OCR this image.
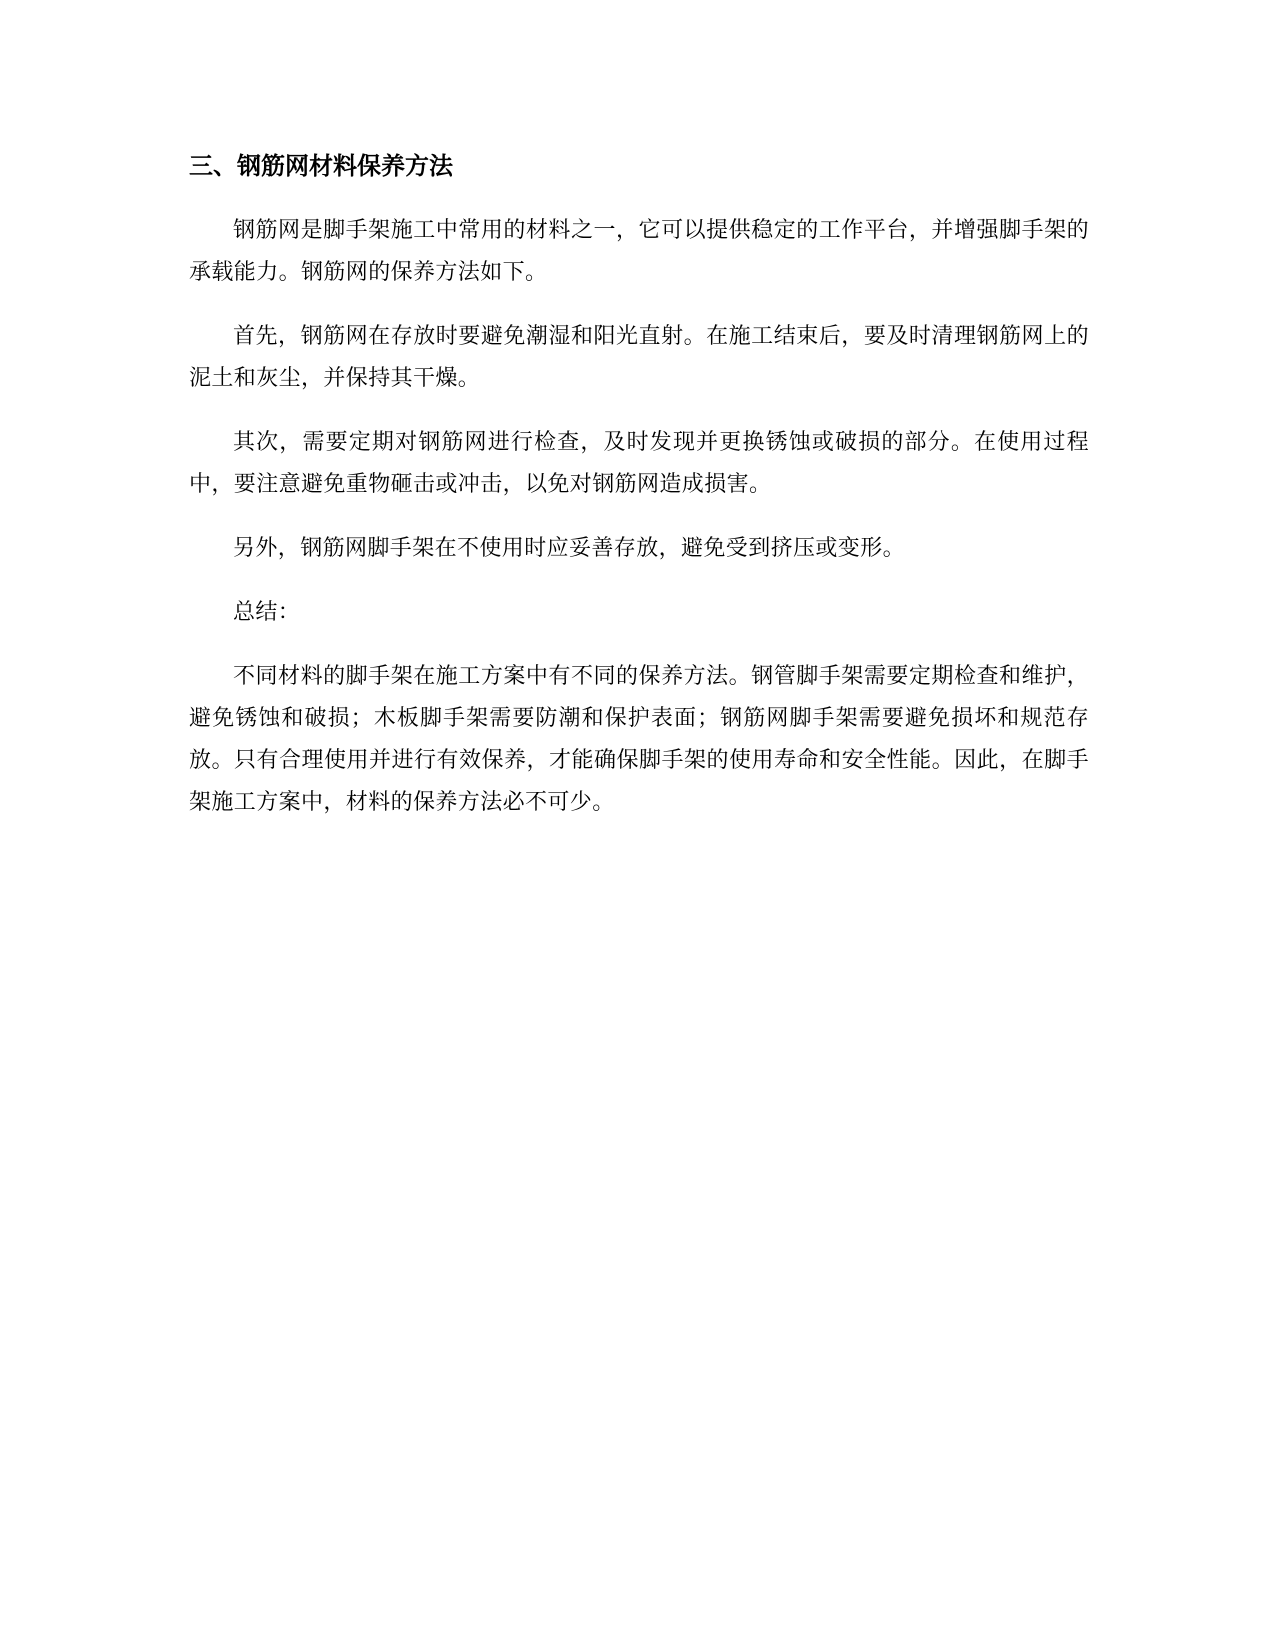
三、钢筋网材料保养方法

钢筋网是脚手架施工中常用的材料之一，它可以提供稳定的工作平台，并增强脚手架的承载能力。钢筋网的保养方法如下。

首先，钢筋网在存放时要避免潮湿和阳光直射。在施工结束后，要及时清理钢筋网上的泥土和灰尘，并保持其干燥。

其次，需要定期对钢筋网进行检查，及时发现并更换锈蚀或破损的部分。在使用过程中，要注意避免重物砸击或冲击，以免对钢筋网造成损害。

另外，钢筋网脚手架在不使用时应妥善存放，避免受到挤压或变形。

总结：

不同材料的脚手架在施工方案中有不同的保养方法。钢管脚手架需要定期检查和维护，避免锈蚀和破损；木板脚手架需要防潮和保护表面；钢筋网脚手架需要避免损坏和规范存放。只有合理使用并进行有效保养，才能确保脚手架的使用寿命和安全性能。因此，在脚手架施工方案中，材料的保养方法必不可少。
